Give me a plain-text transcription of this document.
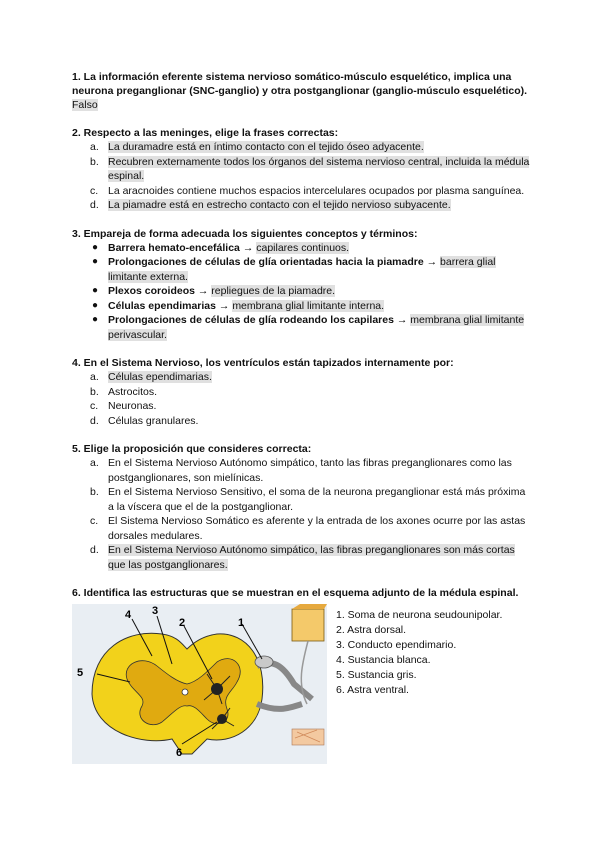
1. La información eferente sistema nervioso somático-músculo esquelético, implica una neurona preganglionar (SNC-ganglio) y otra postganglionar (ganglio-músculo esquelético).

Falso

2. Respecto a las meninges, elige la frases correctas:

a. La duramadre está en íntimo contacto con el tejido óseo adyacente.
b. Recubren externamente todos los órganos del sistema nervioso central, incluida la médula espinal.
c. La aracnoides contiene muchos espacios intercelulares ocupados por plasma sanguínea.
d. La piamadre está en estrecho contacto con el tejido nervioso subyacente.

3. Empareja de forma adecuada los siguientes conceptos y términos:

● Barrera hemato-encefálica → capilares continuos.
● Prolongaciones de células de glía orientadas hacia la piamadre → barrera glial limitante externa.
● Plexos coroideos → repliegues de la piamadre.
● Células ependimarias → membrana glial limitante interna.
● Prolongaciones de células de glía rodeando los capilares → membrana glial limitante perivascular.

4. En el Sistema Nervioso, los ventrículos están tapizados internamente por:

a. Células ependimarias.
b. Astrocitos.
c. Neuronas.
d. Células granulares.

5. Elige la proposición que consideres correcta:

a. En el Sistema Nervioso Autónomo simpático, tanto las fibras preganglionares como las postganglionares, son mielínicas.
b. En el Sistema Nervioso Sensitivo, el soma de la neurona preganglionar está más próxima a la víscera que el de la postganglionar.
c. El Sistema Nervioso Somático es aferente y la entrada de los axones ocurre por las astas dorsales medulares.
d. En el Sistema Nervioso Autónomo simpático, las fibras preganglionares son más cortas que las postganglionares.

6. Identifica las estructuras que se muestran en el esquema adjunto de la médula espinal.

4 3
2	1
5
6
1. Soma de neurona seudounipolar.
2. Astra dorsal.
3. Conducto ependimario.
4. Sustancia blanca.
5. Sustancia gris.
6. Astra ventral.
